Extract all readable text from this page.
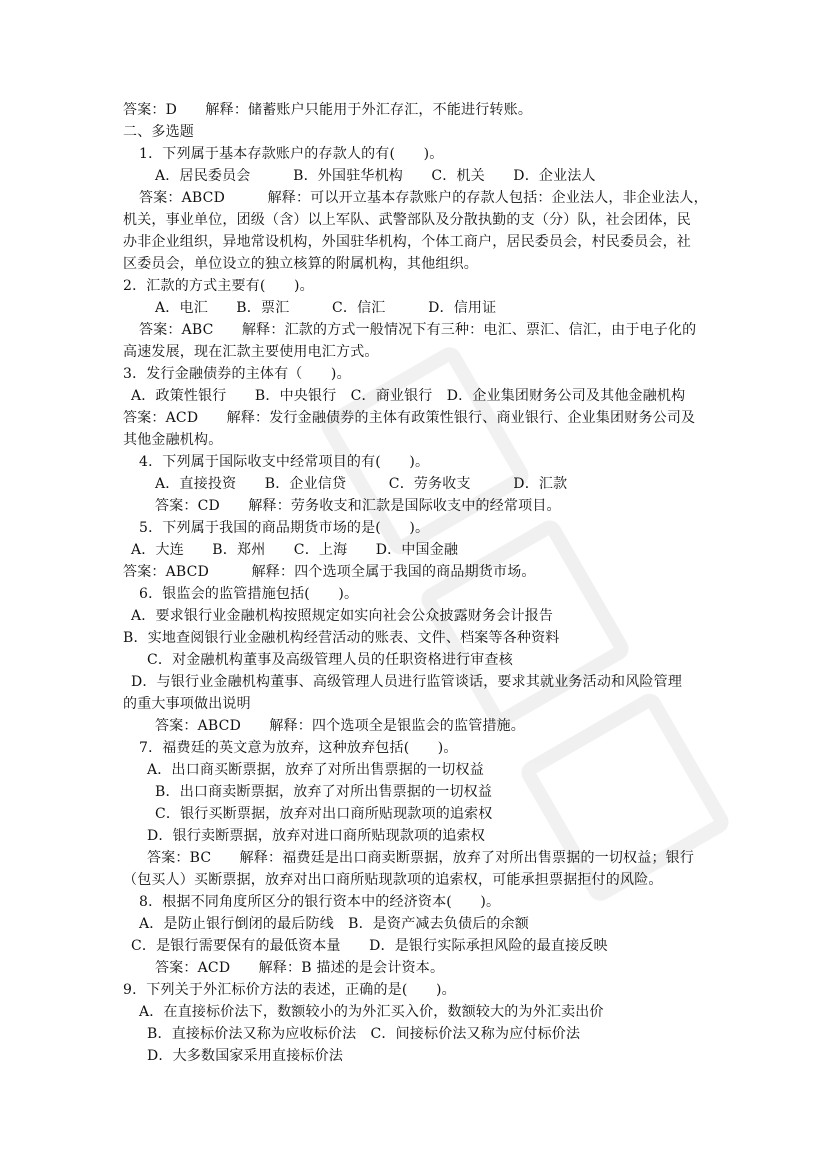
答案：D　　解释：储蓄账户只能用于外汇存汇，不能进行转账。
二、多选题
1．下列属于基本存款账户的存款人的有(　　)。
A．居民委员会　　　B．外国驻华机构　　C．机关　　D．企业法人
答案：ABCD　　　解释：可以开立基本存款账户的存款人包括：企业法人，非企业法人，
机关，事业单位，团级（含）以上军队、武警部队及分散执勤的支（分）队，社会团体，民
办非企业组织，异地常设机构，外国驻华机构，个体工商户，居民委员会，村民委员会，社
区委员会，单位设立的独立核算的附属机构，其他组织。
2．汇款的方式主要有(　　)。
A．电汇　　B．票汇　　　C．信汇　　　D．信用证
答案：ABC　　解释：汇款的方式一般情况下有三种：电汇、票汇、信汇，由于电子化的
高速发展，现在汇款主要使用电汇方式。
3．发行金融债券的主体有（　　)。
A．政策性银行　　B．中央银行　C．商业银行　D．企业集团财务公司及其他金融机构
答案：ACD　　解释：发行金融债券的主体有政策性银行、商业银行、企业集团财务公司及
其他金融机构。
4．下列属于国际收支中经常项目的有(　　)。
A．直接投资　　B．企业信贷　　　C．劳务收支　　　D．汇款
答案：CD　　解释：劳务收支和汇款是国际收支中的经常项目。
5．下列属于我国的商品期货市场的是(　　)。
A．大连　　B．郑州　　C．上海　　D．中国金融
答案：ABCD　　　解释：四个选项全属于我国的商品期货市场。
6．银监会的监管措施包括(　　)。
A．要求银行业金融机构按照规定如实向社会公众披露财务会计报告
B．实地查阅银行业金融机构经营活动的账表、文件、档案等各种资料
C．对金融机构董事及高级管理人员的任职资格进行审查核
D．与银行业金融机构董事、高级管理人员进行监管谈话，要求其就业务活动和风险管理
的重大事项做出说明
答案：ABCD　　解释：四个选项全是银监会的监管措施。
7．福费廷的英文意为放弃，这种放弃包括(　　)。
A．出口商买断票据，放弃了对所出售票据的一切权益
B．出口商卖断票据，放弃了对所出售票据的一切权益
C．银行买断票据，放弃对出口商所贴现款项的追索权
D．银行卖断票据，放弃对进口商所贴现款项的追索权
答案：BC　　解释：福费廷是出口商卖断票据，放弃了对所出售票据的一切权益；银行
（包买人）买断票据，放弃对出口商所贴现款项的追索权，可能承担票据拒付的风险。
8．根据不同角度所区分的银行资本中的经济资本(　　)。
A．是防止银行倒闭的最后防线　B．是资产减去负债后的余额
C．是银行需要保有的最低资本量　　D．是银行实际承担风险的最直接反映
答案：ACD　　解释：B 描述的是会计资本。
9．下列关于外汇标价方法的表述，正确的是(　　)。
A．在直接标价法下，数额较小的为外汇买入价，数额较大的为外汇卖出价
B．直接标价法又称为应收标价法　C．间接标价法又称为应付标价法
D．大多数国家采用直接标价法
